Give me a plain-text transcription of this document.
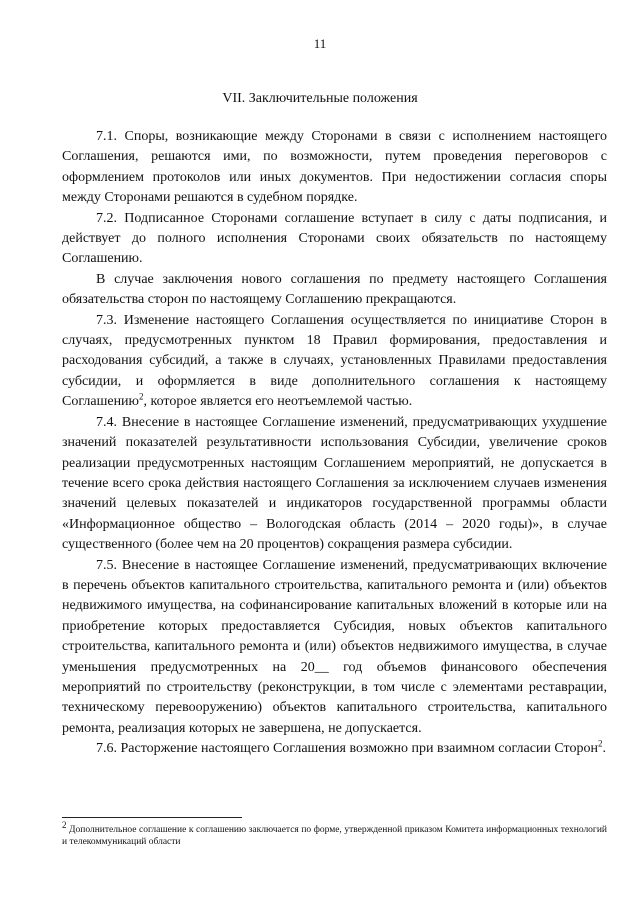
11
VII. Заключительные положения

7.1. Споры, возникающие между Сторонами в связи с исполнением настоящего Соглашения, решаются ими, по возможности, путем проведения переговоров с оформлением протоколов или иных документов. При недостижении согласия споры между Сторонами решаются в судебном порядке.

7.2. Подписанное Сторонами соглашение вступает в силу с даты подписания, и действует до полного исполнения Сторонами своих обязательств по настоящему Соглашению.

В случае заключения нового соглашения по предмету настоящего Соглашения обязательства сторон по настоящему Соглашению прекращаются.

7.3. Изменение настоящего Соглашения осуществляется по инициативе Сторон в случаях, предусмотренных пунктом 18 Правил формирования, предоставления и расходования субсидий, а также в случаях, установленных Правилами предоставления субсидии, и оформляется в виде дополнительного соглашения к настоящему Соглашению$^2$, которое является его неотъемлемой частью.

7.4. Внесение в настоящее Соглашение изменений, предусматривающих ухудшение значений показателей результативности использования Субсидии, увеличение сроков реализации предусмотренных настоящим Соглашением мероприятий, не допускается в течение всего срока действия настоящего Соглашения за исключением случаев изменения значений целевых показателей и индикаторов государственной программы области «Информационное общество – Вологодская область (2014 – 2020 годы)», в случае существенного (более чем на 20 процентов) сокращения размера субсидии.

7.5. Внесение в настоящее Соглашение изменений, предусматривающих включение в перечень объектов капитального строительства, капитального ремонта и (или) объектов недвижимого имущества, на софинансирование капитальных вложений в которые или на приобретение которых предоставляется Субсидия, новых объектов капитального строительства, капитального ремонта и (или) объектов недвижимого имущества, в случае уменьшения предусмотренных на 20__ год объемов финансового обеспечения мероприятий по строительству (реконструкции, в том числе с элементами реставрации, техническому перевооружению) объектов капитального строительства, капитального ремонта, реализация которых не завершена, не допускается.

7.6. Расторжение настоящего Соглашения возможно при взаимном согласии Сторон$^2$.

$^2$ Дополнительное соглашение к соглашению заключается по форме, утвержденной приказом Комитета информационных технологий и телекоммуникаций области
